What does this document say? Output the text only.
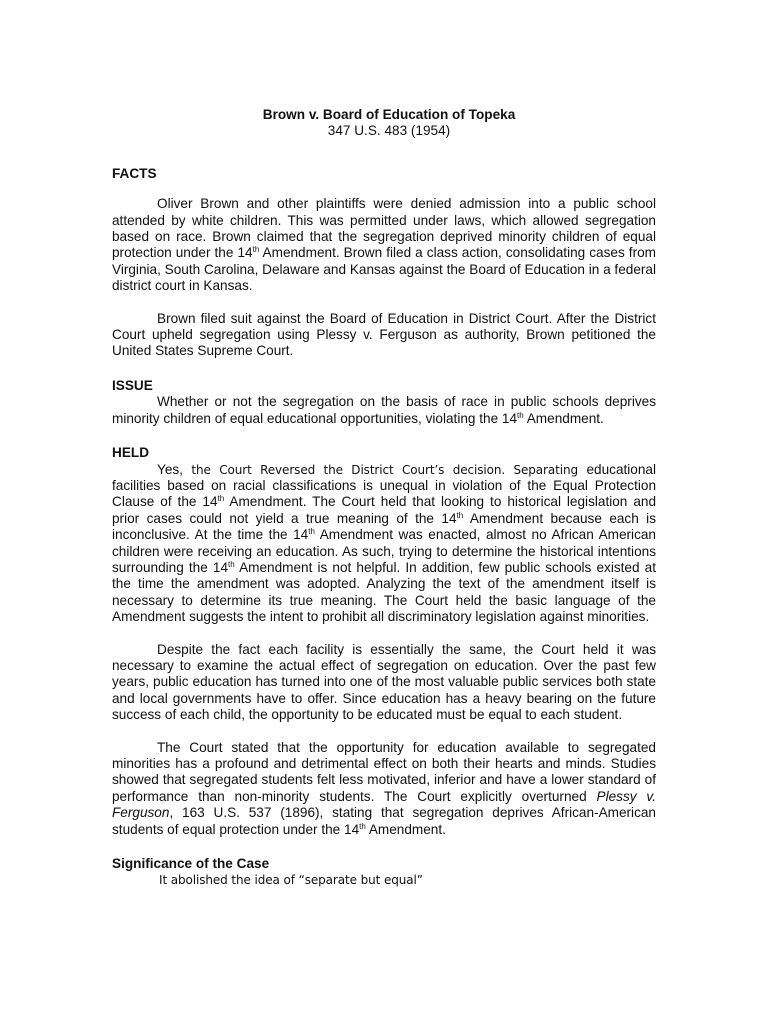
Brown v. Board of Education of Topeka
347 U.S. 483 (1954)
FACTS

Oliver Brown and other plaintiffs were denied admission into a public school attended by white children. This was permitted under laws, which allowed segregation based on race. Brown claimed that the segregation deprived minority children of equal protection under the 14th Amendment. Brown filed a class action, consolidating cases from Virginia, South Carolina, Delaware and Kansas against the Board of Education in a federal district court in Kansas.

Brown filed suit against the Board of Education in District Court. After the District Court upheld segregation using Plessy v. Ferguson as authority, Brown petitioned the United States Supreme Court.

ISSUE

Whether or not the segregation on the basis of race in public schools deprives minority children of equal educational opportunities, violating the 14th Amendment.

HELD

Yes, the Court Reversed the District Court’s decision. Separating educational facilities based on racial classifications is unequal in violation of the Equal Protection Clause of the 14th Amendment. The Court held that looking to historical legislation and prior cases could not yield a true meaning of the 14th Amendment because each is inconclusive. At the time the 14th Amendment was enacted, almost no African American children were receiving an education. As such, trying to determine the historical intentions surrounding the 14th Amendment is not helpful. In addition, few public schools existed at the time the amendment was adopted. Analyzing the text of the amendment itself is necessary to determine its true meaning. The Court held the basic language of the Amendment suggests the intent to prohibit all discriminatory legislation against minorities.

Despite the fact each facility is essentially the same, the Court held it was necessary to examine the actual effect of segregation on education. Over the past few years, public education has turned into one of the most valuable public services both state and local governments have to offer. Since education has a heavy bearing on the future success of each child, the opportunity to be educated must be equal to each student.

The Court stated that the opportunity for education available to segregated minorities has a profound and detrimental effect on both their hearts and minds. Studies showed that segregated students felt less motivated, inferior and have a lower standard of performance than non-minority students. The Court explicitly overturned Plessy v. Ferguson, 163 U.S. 537 (1896), stating that segregation deprives African-American students of equal protection under the 14th Amendment.

Significance of the Case

It abolished the idea of “separate but equal”
